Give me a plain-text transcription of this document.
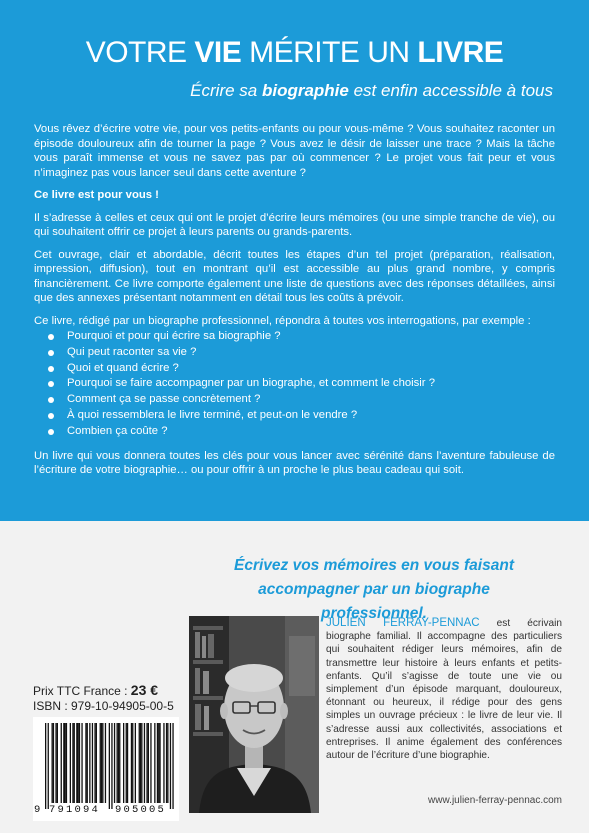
VOTRE VIE MÉRITE UN LIVRE
Écrire sa biographie est enfin accessible à tous

Vous rêvez d’écrire votre vie, pour vos petits-enfants ou pour vous-même ? Vous souhaitez raconter un épisode douloureux afin de tourner la page ? Vous avez le désir de laisser une trace ? Mais la tâche vous paraît immense et vous ne savez pas par où commencer ? Le projet vous fait peur et vous n’imaginez pas vous lancer seul dans cette aventure ?

Ce livre est pour vous !

Il s’adresse à celles et ceux qui ont le projet d’écrire leurs mémoires (ou une simple tranche de vie), ou qui souhaitent offrir ce projet à leurs parents ou grands-parents.

Cet ouvrage, clair et abordable, décrit toutes les étapes d’un tel projet (préparation, réalisation, impression, diffusion), tout en montrant qu’il est accessible au plus grand nombre, y compris financièrement. Ce livre comporte également une liste de questions avec des réponses détaillées, ainsi que des annexes présentant notamment en détail tous les coûts à prévoir.

Ce livre, rédigé par un biographe professionnel, répondra à toutes vos interrogations, par exemple :

Pourquoi et pour qui écrire sa biographie ?
Qui peut raconter sa vie ?
Quoi et quand écrire ?
Pourquoi se faire accompagner par un biographe, et comment le choisir ?
Comment ça se passe concrètement ?
À quoi ressemblera le livre terminé, et peut-on le vendre ?
Combien ça coûte ?

Un livre qui vous donnera toutes les clés pour vous lancer avec sérénité dans l’aventure fabuleuse de l’écriture de votre biographie… ou pour offrir à un proche le plus beau cadeau qui soit.

Écrivez vos mémoires en vous faisant
accompagner par un biographe professionnel.
JULIEN FERRAY-PENNAC est écrivain biographe familial. Il accompagne des particuliers qui souhaitent rédiger leurs mémoires, afin de transmettre leur histoire à leurs enfants et petits-enfants. Qu’il s’agisse de toute une vie ou simplement d’un épisode marquant, douloureux, étonnant ou heureux, il rédige pour des gens simples un ouvrage précieux : le livre de leur vie. Il s’adresse aussi aux collectivités, associations et entreprises. Il anime également des conférences autour de l’écriture d’une biographie.
www.julien-ferray-pennac.com
Prix TTC France : 23 €
ISBN : 979-10-94905-00-5
9 791094 905005
